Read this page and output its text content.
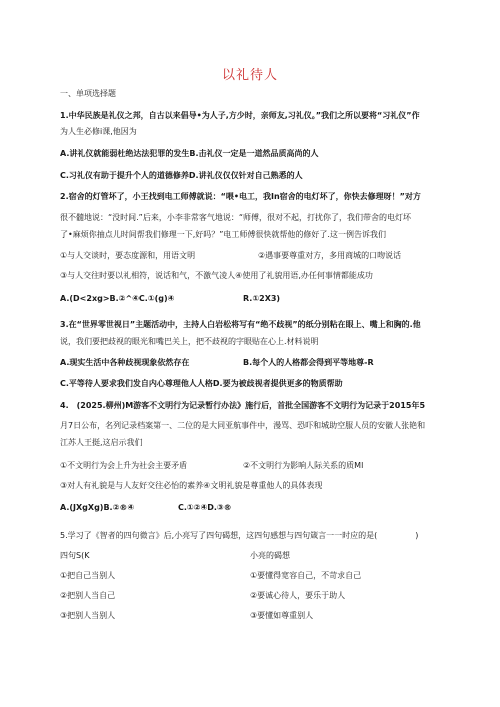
以礼待人
一、单项选择题
1.中华民族是礼仪之邦，自古以来倡导•为人子,方少时，亲师友,习礼仪。”我们之所以要将“习礼仪”作
为人生必修i课,他因为
A.讲礼仪就能弱杜绝达法犯罪的发生B.击礼仪一定是一道然品质高尚的人
C.习礼仪有助于提升个人的道德修养D.讲礼仪仅仅针对自己熟悉的人
2.宿舍的灯管坏了，小王找到电工师傅就说：“喂•电工，我In宿舍的电灯坏了，你快去修理呀！”对方
很不髓地说：“没时间.”后来，小李非常客气地说：“师傅，很对不起，打扰你了，我们带舍的电灯坏
了•麻烦你抽点儿时间帮我们修理一下,好吗？”电工师傅很快就帮他的修好了.这一例告诉我们
①与人交谈时，要态度源和，用语文明	②遇事要尊重对方，多用商城的口吻说话
③与人交往时要以礼相符，说话和气，不激气凌人④使用了礼貌用语,办任何事情都能成功
A.(D<2xg>B.②^④C.①(g)④	R.①2X3)
3.在“世界零世视日”主题活动中，主持人白岩松将写有“绝不歧视”的纸分别粘在眼上、嘴上和胸的.他
说，我们要把歧视的眼光和嘴巴关上，把不歧视的字眼贴在心上.材料说明
A.现实生活中各种歧视现象依然存在	B.每个人的人格都会得到平等地尊-R
C.平等待人要求我们发自内心尊理他人人格D.要为被歧视者提供更多的物质帮助
4.　(2025.柳州)M游客不文明行为记录暂行办法》施行后，首批全国游客不文明行为记录于2015年5
月7日公布，名列记录档案第一、二位的是大同亚航事件中，漫骂、恐吓和城助空服人员的安徽人张艳和
江苏人王挺,这启示我们
①不文明行为会上升为社会主要矛盾	②不文明行为影响人际关系的质Ml
③对人有礼貌是与人友好交往必怡的素养④文明礼貌是尊重他人的具体表现
A.(JXgXg)B.②®④	C.①②④D.③®
5.学习了《智者的四句微言》后,小亮写了四句碣想，这四句感想与四句箴言一一时应的是(	)
四句S(K	小亮的碣想
①把自己当别人	①要懂得宽容自己，不苛求自己
②把别人当自己	②要诚心待人，要乐于助人
③把别人当别人	③要懂如尊重别人
